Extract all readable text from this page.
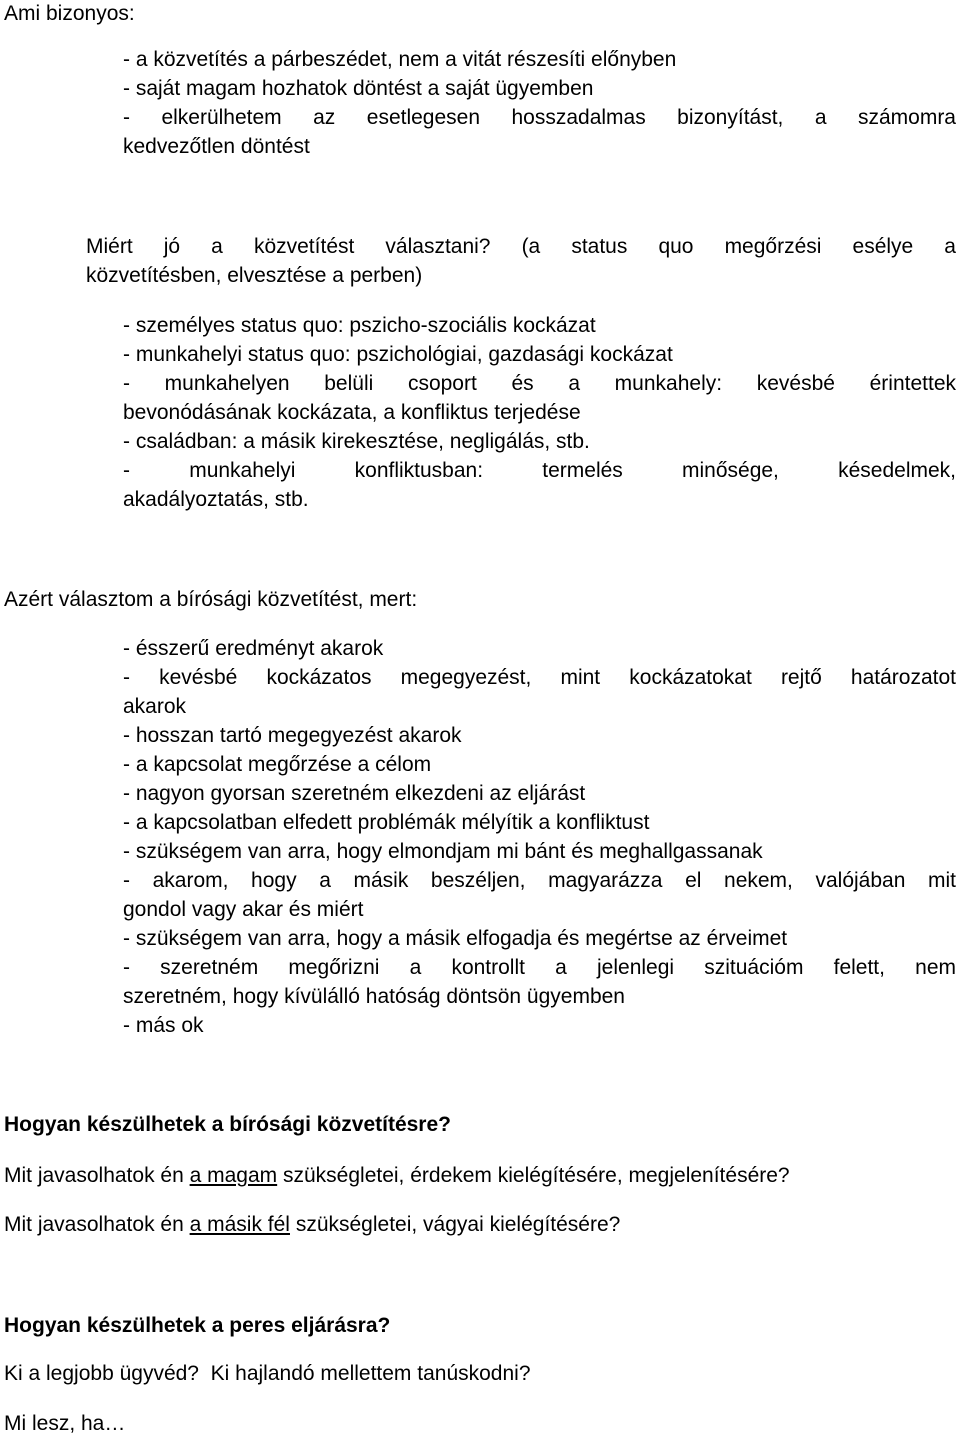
Ami bizonyos:
- a közvetítés a párbeszédet, nem a vitát részesíti előnyben
- saját magam hozhatok döntést a saját ügyemben
- elkerülhetem az esetlegesen hosszadalmas bizonyítást, a számomra
kedvezőtlen döntést
Miért jó a közvetítést választani? (a status quo megőrzési esélye a
közvetítésben, elvesztése a perben)
- személyes status quo: pszicho-szociális kockázat
- munkahelyi status quo: pszichológiai, gazdasági kockázat
- munkahelyen belüli csoport és a munkahely: kevésbé érintettek
bevonódásának kockázata, a konfliktus terjedése
- családban: a másik kirekesztése, negligálás, stb.
- munkahelyi konfliktusban: termelés minősége, késedelmek,
akadályoztatás, stb.
Azért választom a bírósági közvetítést, mert:
- ésszerű eredményt akarok
- kevésbé kockázatos megegyezést, mint kockázatokat rejtő határozatot
akarok
- hosszan tartó megegyezést akarok
- a kapcsolat megőrzése a célom
- nagyon gyorsan szeretném elkezdeni az eljárást
- a kapcsolatban elfedett problémák mélyítik a konfliktust
- szükségem van arra, hogy elmondjam mi bánt és meghallgassanak
- akarom, hogy a másik beszéljen, magyarázza el nekem, valójában mit
gondol vagy akar és miért
- szükségem van arra, hogy a másik elfogadja és megértse az érveimet
- szeretném megőrizni a kontrollt a jelenlegi szituációm felett, nem
szeretném, hogy kívülálló hatóság döntsön ügyemben
- más ok
Hogyan készülhetek a bírósági közvetítésre?
Mit javasolhatok én a magam szükségletei, érdekem kielégítésére, megjelenítésére?
Mit javasolhatok én a másik fél szükségletei, vágyai kielégítésére?
Hogyan készülhetek a peres eljárásra?
Ki a legjobb ügyvéd?  Ki hajlandó mellettem tanúskodni?
Mi lesz, ha…
